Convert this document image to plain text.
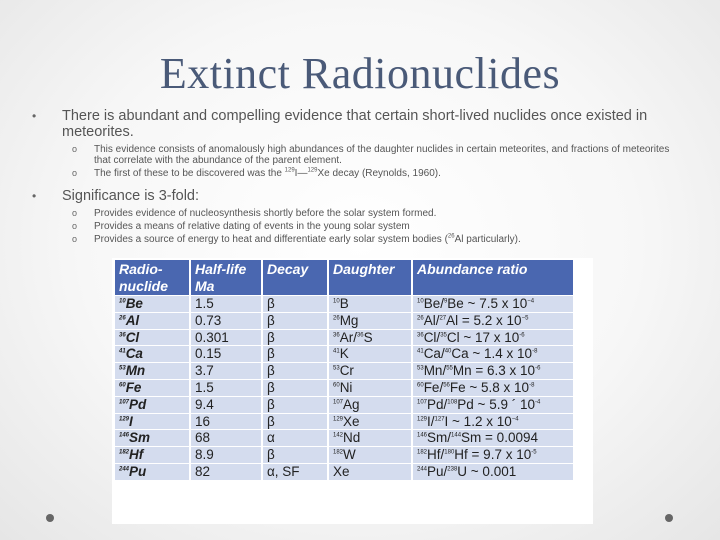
Extinct Radionuclides
• There is abundant and compelling evidence that certain short-lived nuclides once existed in meteorites.
o This evidence consists of anomalously high abundances of the daughter nuclides in certain meteorites, and fractions of meteorites that correlate with the abundance of the parent element.
o The first of these to be discovered was the $^{129}$I—$^{129}$Xe decay (Reynolds, 1960).
• Significance is 3-fold:
o Provides evidence of nucleosynthesis shortly before the solar system formed.
o Provides a means of relative dating of events in the young solar system
o Provides a source of energy to heat and differentiate early solar system bodies ($^{26}$Al particularly).
Radio-nuclide	Half-life Ma	Decay	Daughter	Abundance ratio
$^{10}$Be	1.5	β	$^{10}$B	$^{10}$Be/$^9$Be ~ 7.5 x $10^{-4}$
$^{26}$Al	0.73	β	$^{26}$Mg	$^{26}$Al/$^{27}$Al = 5.2 x $10^{-5}$
$^{36}$Cl	0.301	β	$^{36}$Ar/$^{36}$S	$^{36}$Cl/$^{35}$Cl ~ 17 x $10^{-6}$
$^{41}$Ca	0.15	β	$^{41}$K	$^{41}$Ca/$^{40}$Ca ~ 1.4 x $10^{-8}$
$^{53}$Mn	3.7	β	$^{53}$Cr	$^{53}$Mn/$^{55}$Mn = 6.3 x $10^{-6}$
$^{60}$Fe	1.5	β	$^{60}$Ni	$^{60}$Fe/$^{56}$Fe ~ 5.8 x $10^{-8}$
$^{107}$Pd	9.4	β	$^{107}$Ag	$^{107}$Pd/$^{108}$Pd ~ 5.9 ´ $10^{-4}$
$^{129}$I	16	β	$^{129}$Xe	$^{129}$I/$^{127}$I ~ 1.2 x $10^{-4}$
$^{146}$Sm	68	α	$^{142}$Nd	$^{146}$Sm/$^{144}$Sm = 0.0094
$^{182}$Hf	8.9	β	$^{182}$W	$^{182}$Hf/$^{180}$Hf = 9.7 x $10^{-5}$
$^{244}$Pu	82	α, SF	Xe	$^{244}$Pu/$^{238}$U ~ 0.001
